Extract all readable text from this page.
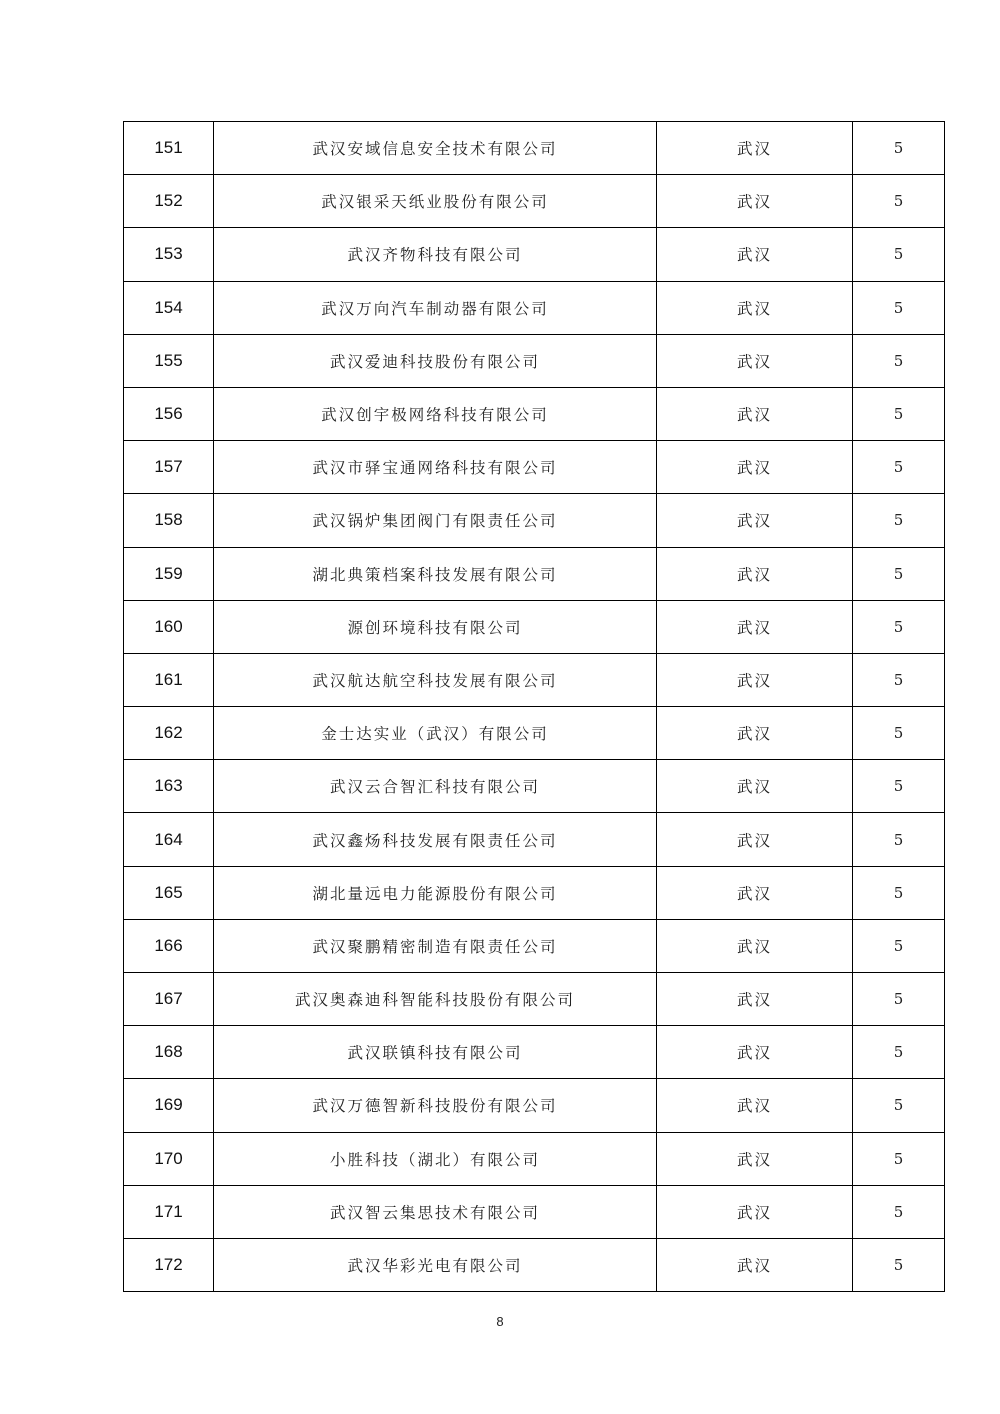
151	武汉安域信息安全技术有限公司	武汉	5
152	武汉银采天纸业股份有限公司	武汉	5
153	武汉齐物科技有限公司	武汉	5
154	武汉万向汽车制动器有限公司	武汉	5
155	武汉爱迪科技股份有限公司	武汉	5
156	武汉创宇极网络科技有限公司	武汉	5
157	武汉市驿宝通网络科技有限公司	武汉	5
158	武汉锅炉集团阀门有限责任公司	武汉	5
159	湖北典策档案科技发展有限公司	武汉	5
160	源创环境科技有限公司	武汉	5
161	武汉航达航空科技发展有限公司	武汉	5
162	金士达实业（武汉）有限公司	武汉	5
163	武汉云合智汇科技有限公司	武汉	5
164	武汉鑫炀科技发展有限责任公司	武汉	5
165	湖北量远电力能源股份有限公司	武汉	5
166	武汉聚鹏精密制造有限责任公司	武汉	5
167	武汉奥森迪科智能科技股份有限公司	武汉	5
168	武汉联镇科技有限公司	武汉	5
169	武汉万德智新科技股份有限公司	武汉	5
170	小胜科技（湖北）有限公司	武汉	5
171	武汉智云集思技术有限公司	武汉	5
172	武汉华彩光电有限公司	武汉	5
8
